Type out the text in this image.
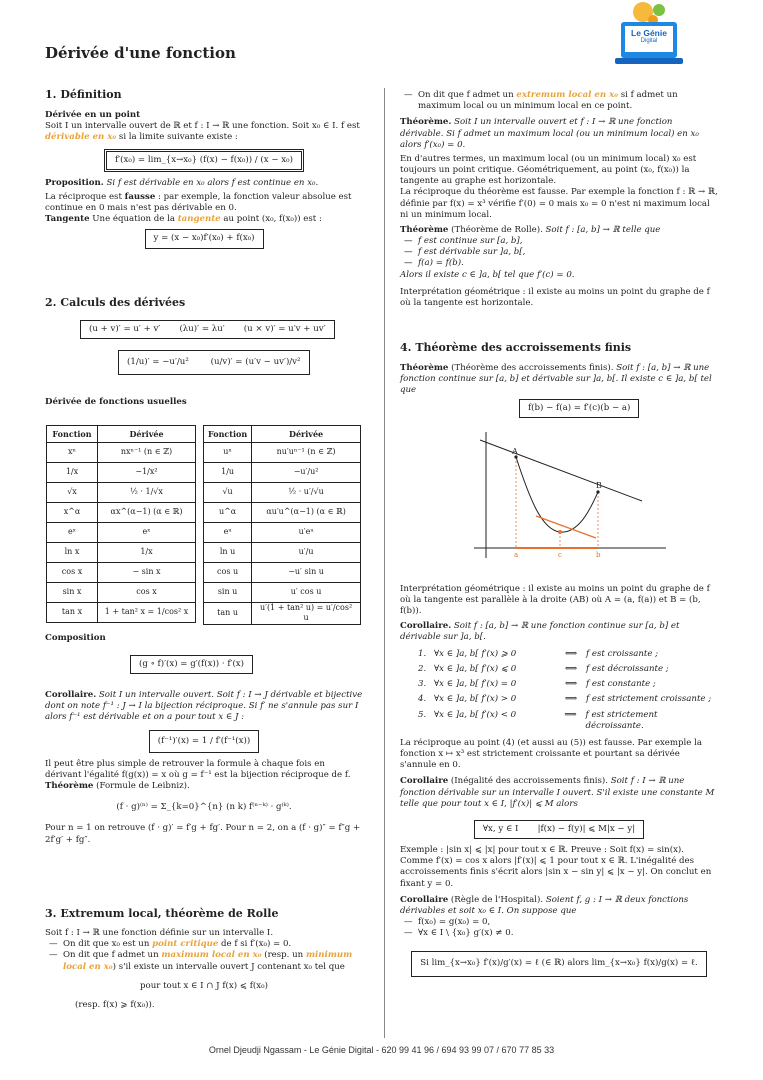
Le Génie
Digital
Dérivée d'une fonction
1. Définition

Dérivée en un point

Soit I un intervalle ouvert de ℝ et f : I → ℝ une fonction. Soit x₀ ∈ I. f est dérivable en x₀ si la limite suivante existe :

f′(x₀) = lim_{x→x₀} (f(x) − f(x₀)) / (x − x₀)

Proposition. Si f est dérivable en x₀ alors f est continue en x₀.

La réciproque est fausse : par exemple, la fonction valeur absolue est continue en 0 mais n'est pas dérivable en 0.

Tangente Une équation de la tangente au point (x₀, f(x₀)) est :

y = (x − x₀)f′(x₀) + f(x₀)
2. Calculs des dérivées
(u + v)′ = u′ + v′       (λu)′ = λu′       (u × v)′ = u′v + uv′
(1/u)′ = −u′/u²        (u/v)′ = (u′v − uv′)/v²
Dérivée de fonctions usuelles
Fonction	Dérivée
xⁿ	nxⁿ⁻¹ (n ∈ ℤ)
1/x	−1/x²
√x	½ · 1/√x
x^α	αx^(α−1) (α ∈ ℝ)
eˣ	eˣ
ln x	1/x
cos x	− sin x
sin x	cos x
tan x	1 + tan² x = 1/cos² x
Fonction	Dérivée
uⁿ	nu′uⁿ⁻¹ (n ∈ ℤ)
1/u	−u′/u²
√u	½ · u′/√u
u^α	αu′u^(α−1) (α ∈ ℝ)
eᵘ	u′eᵘ
ln u	u′/u
cos u	−u′ sin u
sin u	u′ cos u
tan u	u′(1 + tan² u) = u′/cos² u
Composition
(g ∘ f)′(x) = g′(f(x)) · f′(x)

Corollaire. Soit I un intervalle ouvert. Soit f : I → J dérivable et bijective dont on note f⁻¹ : J → I la bijection réciproque. Si f′ ne s'annule pas sur I alors f⁻¹ est dérivable et on a pour tout x ∈ J :

(f⁻¹)′(x) = 1 / f′(f⁻¹(x))

Il peut être plus simple de retrouver la formule à chaque fois en dérivant l'égalité f(g(x)) = x où g = f⁻¹ est la bijection réciproque de f.

Théorème (Formule de Leibniz).

(f · g)⁽ⁿ⁾ = Σ_{k=0}^{n} (n k) f⁽ⁿ⁻ᵏ⁾ · g⁽ᵏ⁾.

Pour n = 1 on retrouve (f · g)′ = f′g + fg′. Pour n = 2, on a (f · g)″ = f″g + 2f′g′ + fg″.

3. Extremum local, théorème de Rolle

Soit f : I → ℝ une fonction définie sur un intervalle I.

— On dit que x₀ est un point critique de f si f′(x₀) = 0.
— On dit que f admet un maximum local en x₀ (resp. un minimum local en x₀) s'il existe un intervalle ouvert J contenant x₀ tel que
pour tout x ∈ I ∩ J f(x) ⩽ f(x₀)

(resp. f(x) ⩾ f(x₀)).

— On dit que f admet un extremum local en x₀ si f admet un maximum local ou un minimum local en ce point.

Théorème. Soit I un intervalle ouvert et f : I → ℝ une fonction dérivable. Si f admet un maximum local (ou un minimum local) en x₀ alors f′(x₀) = 0.

En d'autres termes, un maximum local (ou un minimum local) x₀ est toujours un point critique. Géométriquement, au point (x₀, f(x₀)) la tangente au graphe est horizontale.

La réciproque du théorème est fausse. Par exemple la fonction f : ℝ → ℝ, définie par f(x) = x³ vérifie f′(0) = 0 mais x₀ = 0 n'est ni maximum local ni un minimum local.

Théorème (Théorème de Rolle). Soit f : [a, b] → ℝ telle que

— f est continue sur [a, b],
— f est dérivable sur ]a, b[,
— f(a) = f(b).

Alors il existe c ∈ ]a, b[ tel que f′(c) = 0.

Interprétation géométrique : il existe au moins un point du graphe de f où la tangente est horizontale.

4. Théorème des accroissements finis

Théorème (Théorème des accroissements finis). Soit f : [a, b] → ℝ une fonction continue sur [a, b] et dérivable sur ]a, b[. Il existe c ∈ ]a, b[ tel que

f(b) − f(a) = f′(c)(b − a)
A
B
a	c	b

Interprétation géométrique : il existe au moins un point du graphe de f où la tangente est parallèle à la droite (AB) où A = (a, f(a)) et B = (b, f(b)).

Corollaire. Soit f : [a, b] → ℝ une fonction continue sur [a, b] et dérivable sur ]a, b[.

1. ∀x ∈ ]a, b[ f′(x) ⩾ 0	⟺	f est croissante ;
2. ∀x ∈ ]a, b[ f′(x) ⩽ 0	⟺	f est décroissante ;
3. ∀x ∈ ]a, b[ f′(x) = 0	⟺	f est constante ;
4. ∀x ∈ ]a, b[ f′(x) > 0	⟹	f est strictement croissante ;
5. ∀x ∈ ]a, b[ f′(x) < 0	⟹	f est strictement décroissante.

La réciproque au point (4) (et aussi au (5)) est fausse. Par exemple la fonction x ↦ x³ est strictement croissante et pourtant sa dérivée s'annule en 0.

Corollaire (Inégalité des accroissements finis). Soit f : I → ℝ une fonction dérivable sur un intervalle I ouvert. S'il existe une constante M telle que pour tout x ∈ I, |f′(x)| ⩽ M alors

∀x, y ∈ I       |f(x) − f(y)| ⩽ M|x − y|

Exemple : |sin x| ⩽ |x| pour tout x ∈ ℝ. Preuve : Soit f(x) = sin(x). Comme f′(x) = cos x alors |f′(x)| ⩽ 1 pour tout x ∈ ℝ. L'inégalité des accroissements finis s'écrit alors |sin x − sin y| ⩽ |x − y|. On conclut en fixant y = 0.

Corollaire (Règle de l'Hospital). Soient f, g : I → ℝ deux fonctions dérivables et soit x₀ ∈ I. On suppose que

— f(x₀) = g(x₀) = 0,
— ∀x ∈ I \ {x₀} g′(x) ≠ 0.
Si lim_{x→x₀} f′(x)/g′(x) = ℓ (∈ ℝ) alors lim_{x→x₀} f(x)/g(x) = ℓ.
Ornel Djeudji Ngassam - Le Génie Digital - 620 99 41 96 / 694 93 99 07 / 670 77 85 33
